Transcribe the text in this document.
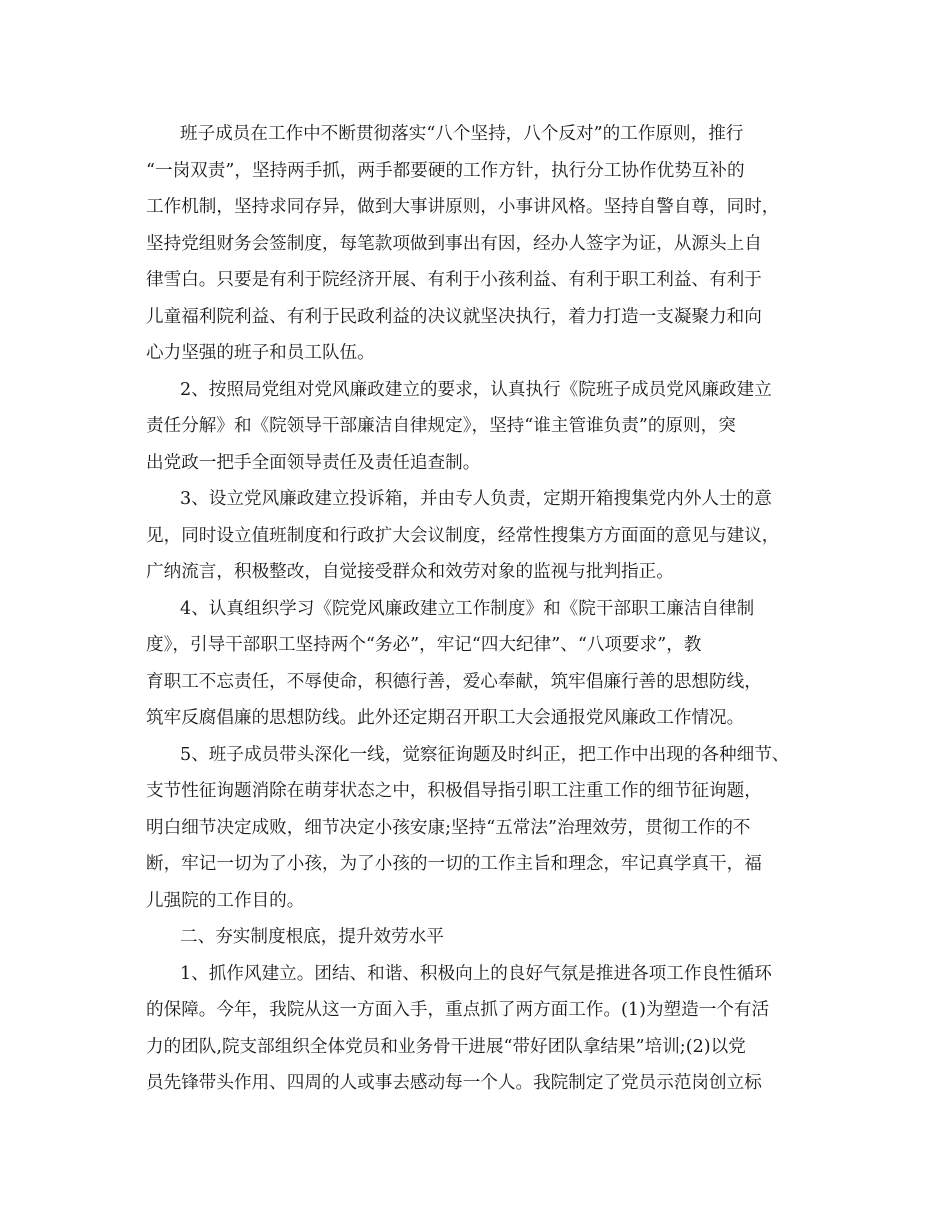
班子成员在工作中不断贯彻落实“八个坚持，八个反对”的工作原则，推行
“一岗双责”，坚持两手抓，两手都要硬的工作方针，执行分工协作优势互补的
工作机制，坚持求同存异，做到大事讲原则，小事讲风格。坚持自警自尊，同时，
坚持党组财务会签制度，每笔款项做到事出有因，经办人签字为证，从源头上自
律雪白。只要是有利于院经济开展、有利于小孩利益、有利于职工利益、有利于
儿童福利院利益、有利于民政利益的决议就坚决执行，着力打造一支凝聚力和向
心力坚强的班子和员工队伍。
2、按照局党组对党风廉政建立的要求，认真执行《院班子成员党风廉政建立
责任分解》和《院领导干部廉洁自律规定》，坚持“谁主管谁负责”的原则，突
出党政一把手全面领导责任及责任追查制。
3、设立党风廉政建立投诉箱，并由专人负责，定期开箱搜集党内外人士的意
见，同时设立值班制度和行政扩大会议制度，经常性搜集方方面面的意见与建议，
广纳流言，积极整改，自觉接受群众和效劳对象的监视与批判指正。
4、认真组织学习《院党风廉政建立工作制度》和《院干部职工廉洁自律制
度》，引导干部职工坚持两个“务必”，牢记“四大纪律”、“八项要求”，教
育职工不忘责任，不辱使命，积德行善，爱心奉献，筑牢倡廉行善的思想防线，
筑牢反腐倡廉的思想防线。此外还定期召开职工大会通报党风廉政工作情况。
5、班子成员带头深化一线，觉察征询题及时纠正，把工作中出现的各种细节、
支节性征询题消除在萌芽状态之中，积极倡导指引职工注重工作的细节征询题，
明白细节决定成败，细节决定小孩安康;坚持“五常法”治理效劳，贯彻工作的不
断，牢记一切为了小孩，为了小孩的一切的工作主旨和理念，牢记真学真干，福
儿强院的工作目的。
二、夯实制度根底，提升效劳水平
1、抓作风建立。团结、和谐、积极向上的良好气氛是推进各项工作良性循环
的保障。今年，我院从这一方面入手，重点抓了两方面工作。(1)为塑造一个有活
力的团队,院支部组织全体党员和业务骨干进展“带好团队拿结果”培训;(2)以党
员先锋带头作用、四周的人或事去感动每一个人。我院制定了党员示范岗创立标
